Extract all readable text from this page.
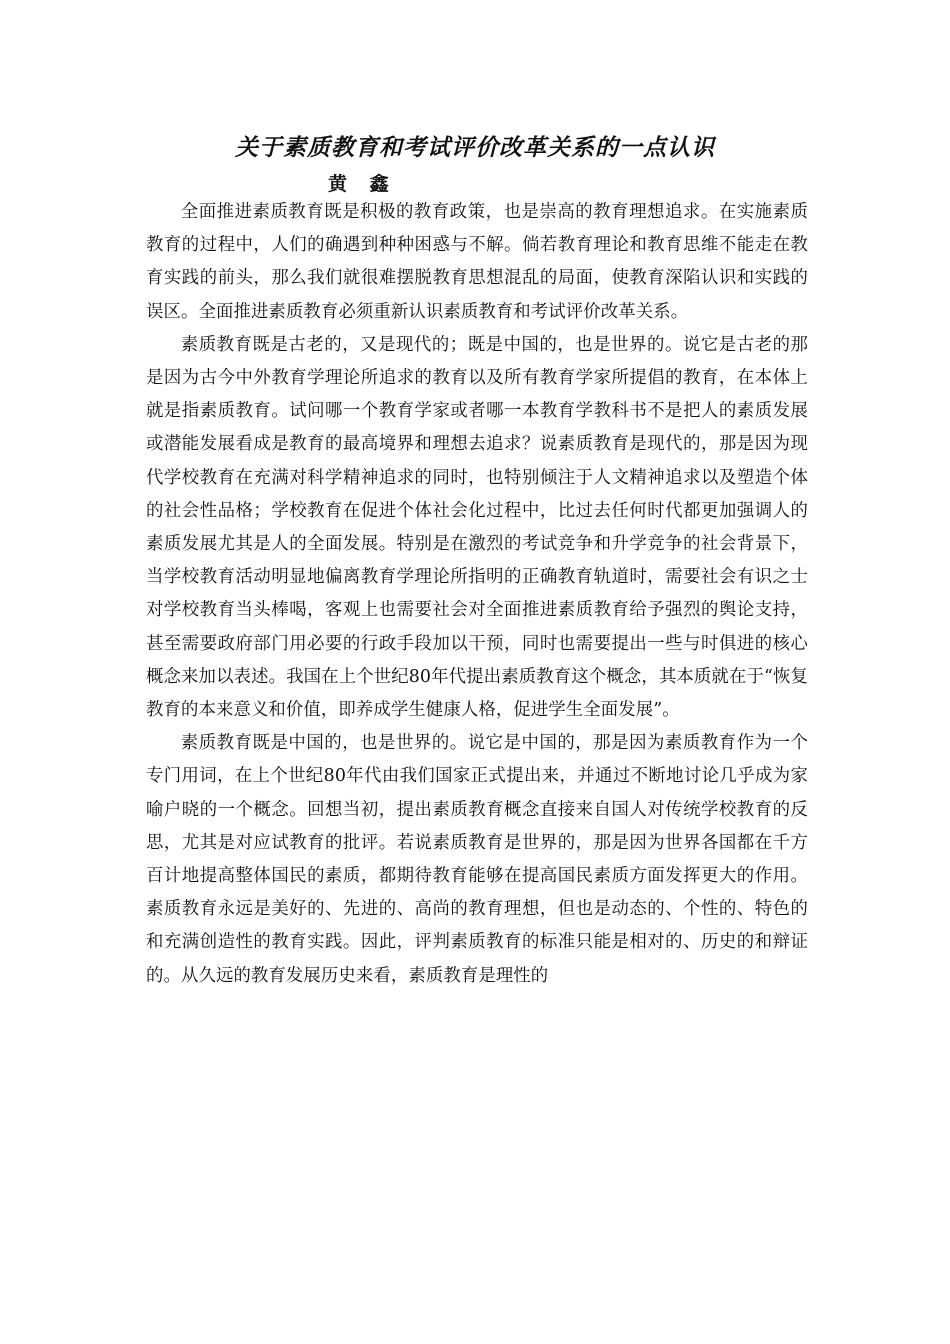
关于素质教育和考试评价改革关系的一点认识
黄 鑫

全面推进素质教育既是积极的教育政策，也是崇高的教育理想追求。在实施素质教育的过程中，人们的确遇到种种困惑与不解。倘若教育理论和教育思维不能走在教育实践的前头，那么我们就很难摆脱教育思想混乱的局面，使教育深陷认识和实践的误区。全面推进素质教育必须重新认识素质教育和考试评价改革关系。

素质教育既是古老的，又是现代的；既是中国的，也是世界的。说它是古老的那是因为古今中外教育学理论所追求的教育以及所有教育学家所提倡的教育，在本体上就是指素质教育。试问哪一个教育学家或者哪一本教育学教科书不是把人的素质发展或潜能发展看成是教育的最高境界和理想去追求？说素质教育是现代的，那是因为现代学校教育在充满对科学精神追求的同时，也特别倾注于人文精神追求以及塑造个体的社会性品格；学校教育在促进个体社会化过程中，比过去任何时代都更加强调人的素质发展尤其是人的全面发展。特别是在激烈的考试竞争和升学竞争的社会背景下，当学校教育活动明显地偏离教育学理论所指明的正确教育轨道时，需要社会有识之士对学校教育当头棒喝，客观上也需要社会对全面推进素质教育给予强烈的舆论支持，甚至需要政府部门用必要的行政手段加以干预，同时也需要提出一些与时俱进的核心概念来加以表述。我国在上个世纪80年代提出素质教育这个概念，其本质就在于“恢复教育的本来意义和价值，即养成学生健康人格，促进学生全面发展”。

素质教育既是中国的，也是世界的。说它是中国的，那是因为素质教育作为一个专门用词，在上个世纪80年代由我们国家正式提出来，并通过不断地讨论几乎成为家喻户晓的一个概念。回想当初，提出素质教育概念直接来自国人对传统学校教育的反思，尤其是对应试教育的批评。若说素质教育是世界的，那是因为世界各国都在千方百计地提高整体国民的素质，都期待教育能够在提高国民素质方面发挥更大的作用。素质教育永远是美好的、先进的、高尚的教育理想，但也是动态的、个性的、特色的和充满创造性的教育实践。因此，评判素质教育的标准只能是相对的、历史的和辩证的。从久远的教育发展历史来看，素质教育是理性的
